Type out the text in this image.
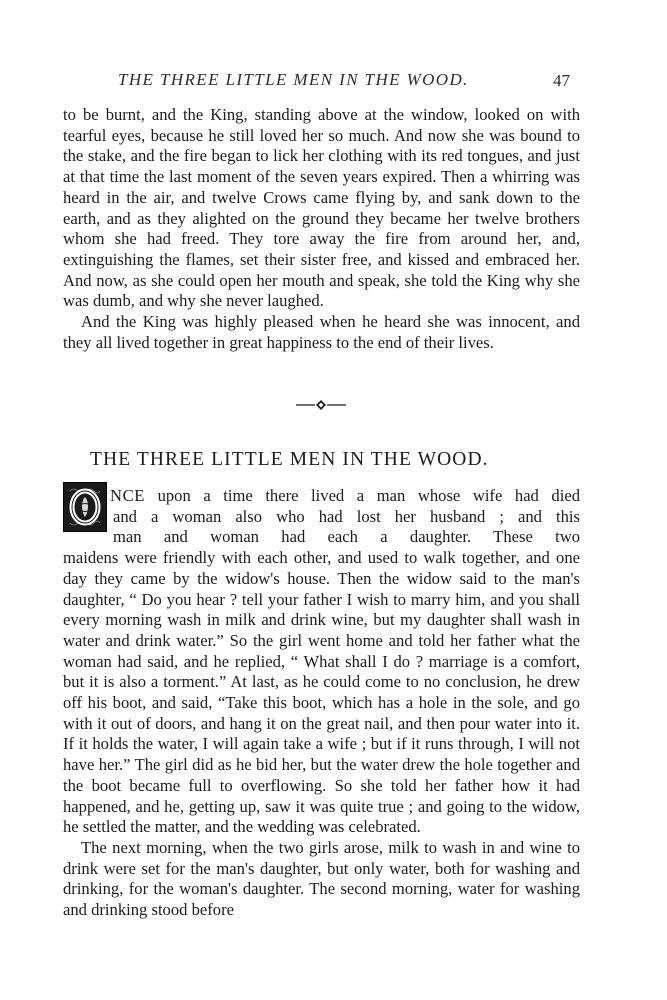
THE THREE LITTLE MEN IN THE WOOD.	47

to be burnt, and the King, standing above at the window, looked on with tearful eyes, because he still loved her so much. And now she was bound to the stake, and the fire began to lick her clothing with its red tongues, and just at that time the last moment of the seven years expired. Then a whirring was heard in the air, and twelve Crows came flying by, and sank down to the earth, and as they alighted on the ground they became her twelve brothers whom she had freed. They tore away the fire from around her, and, extinguishing the flames, set their sister free, and kissed and embraced her. And now, as she could open her mouth and speak, she told the King why she was dumb, and why she never laughed.

And the King was highly pleased when he heard she was innocent, and they all lived together in great happiness to the end of their lives.

THE THREE LITTLE MEN IN THE WOOD.

NCE upon a time there lived a man whose wife had died
and a woman also who had lost her husband ; and this
man and woman had each a daughter. These two
maidens were friendly with each other, and used to walk together, and one day they came by the widow's house. Then the widow said to the man's daughter, “ Do you hear ? tell your father I wish to marry him, and you shall every morning wash in milk and drink wine, but my daughter shall wash in water and drink water.” So the girl went home and told her father what the woman had said, and he replied, “ What shall I do ? marriage is a comfort, but it is also a torment.” At last, as he could come to no conclusion, he drew off his boot, and said, “Take this boot, which has a hole in the sole, and go with it out of doors, and hang it on the great nail, and then pour water into it. If it holds the water, I will again take a wife ; but if it runs through, I will not have her.” The girl did as he bid her, but the water drew the hole together and the boot became full to overflowing. So she told her father how it had happened, and he, getting up, saw it was quite true ; and going to the widow, he settled the matter, and the wedding was celebrated.

The next morning, when the two girls arose, milk to wash in and wine to drink were set for the man's daughter, but only water, both for washing and drinking, for the woman's daughter. The second morning, water for washing and drinking stood before
